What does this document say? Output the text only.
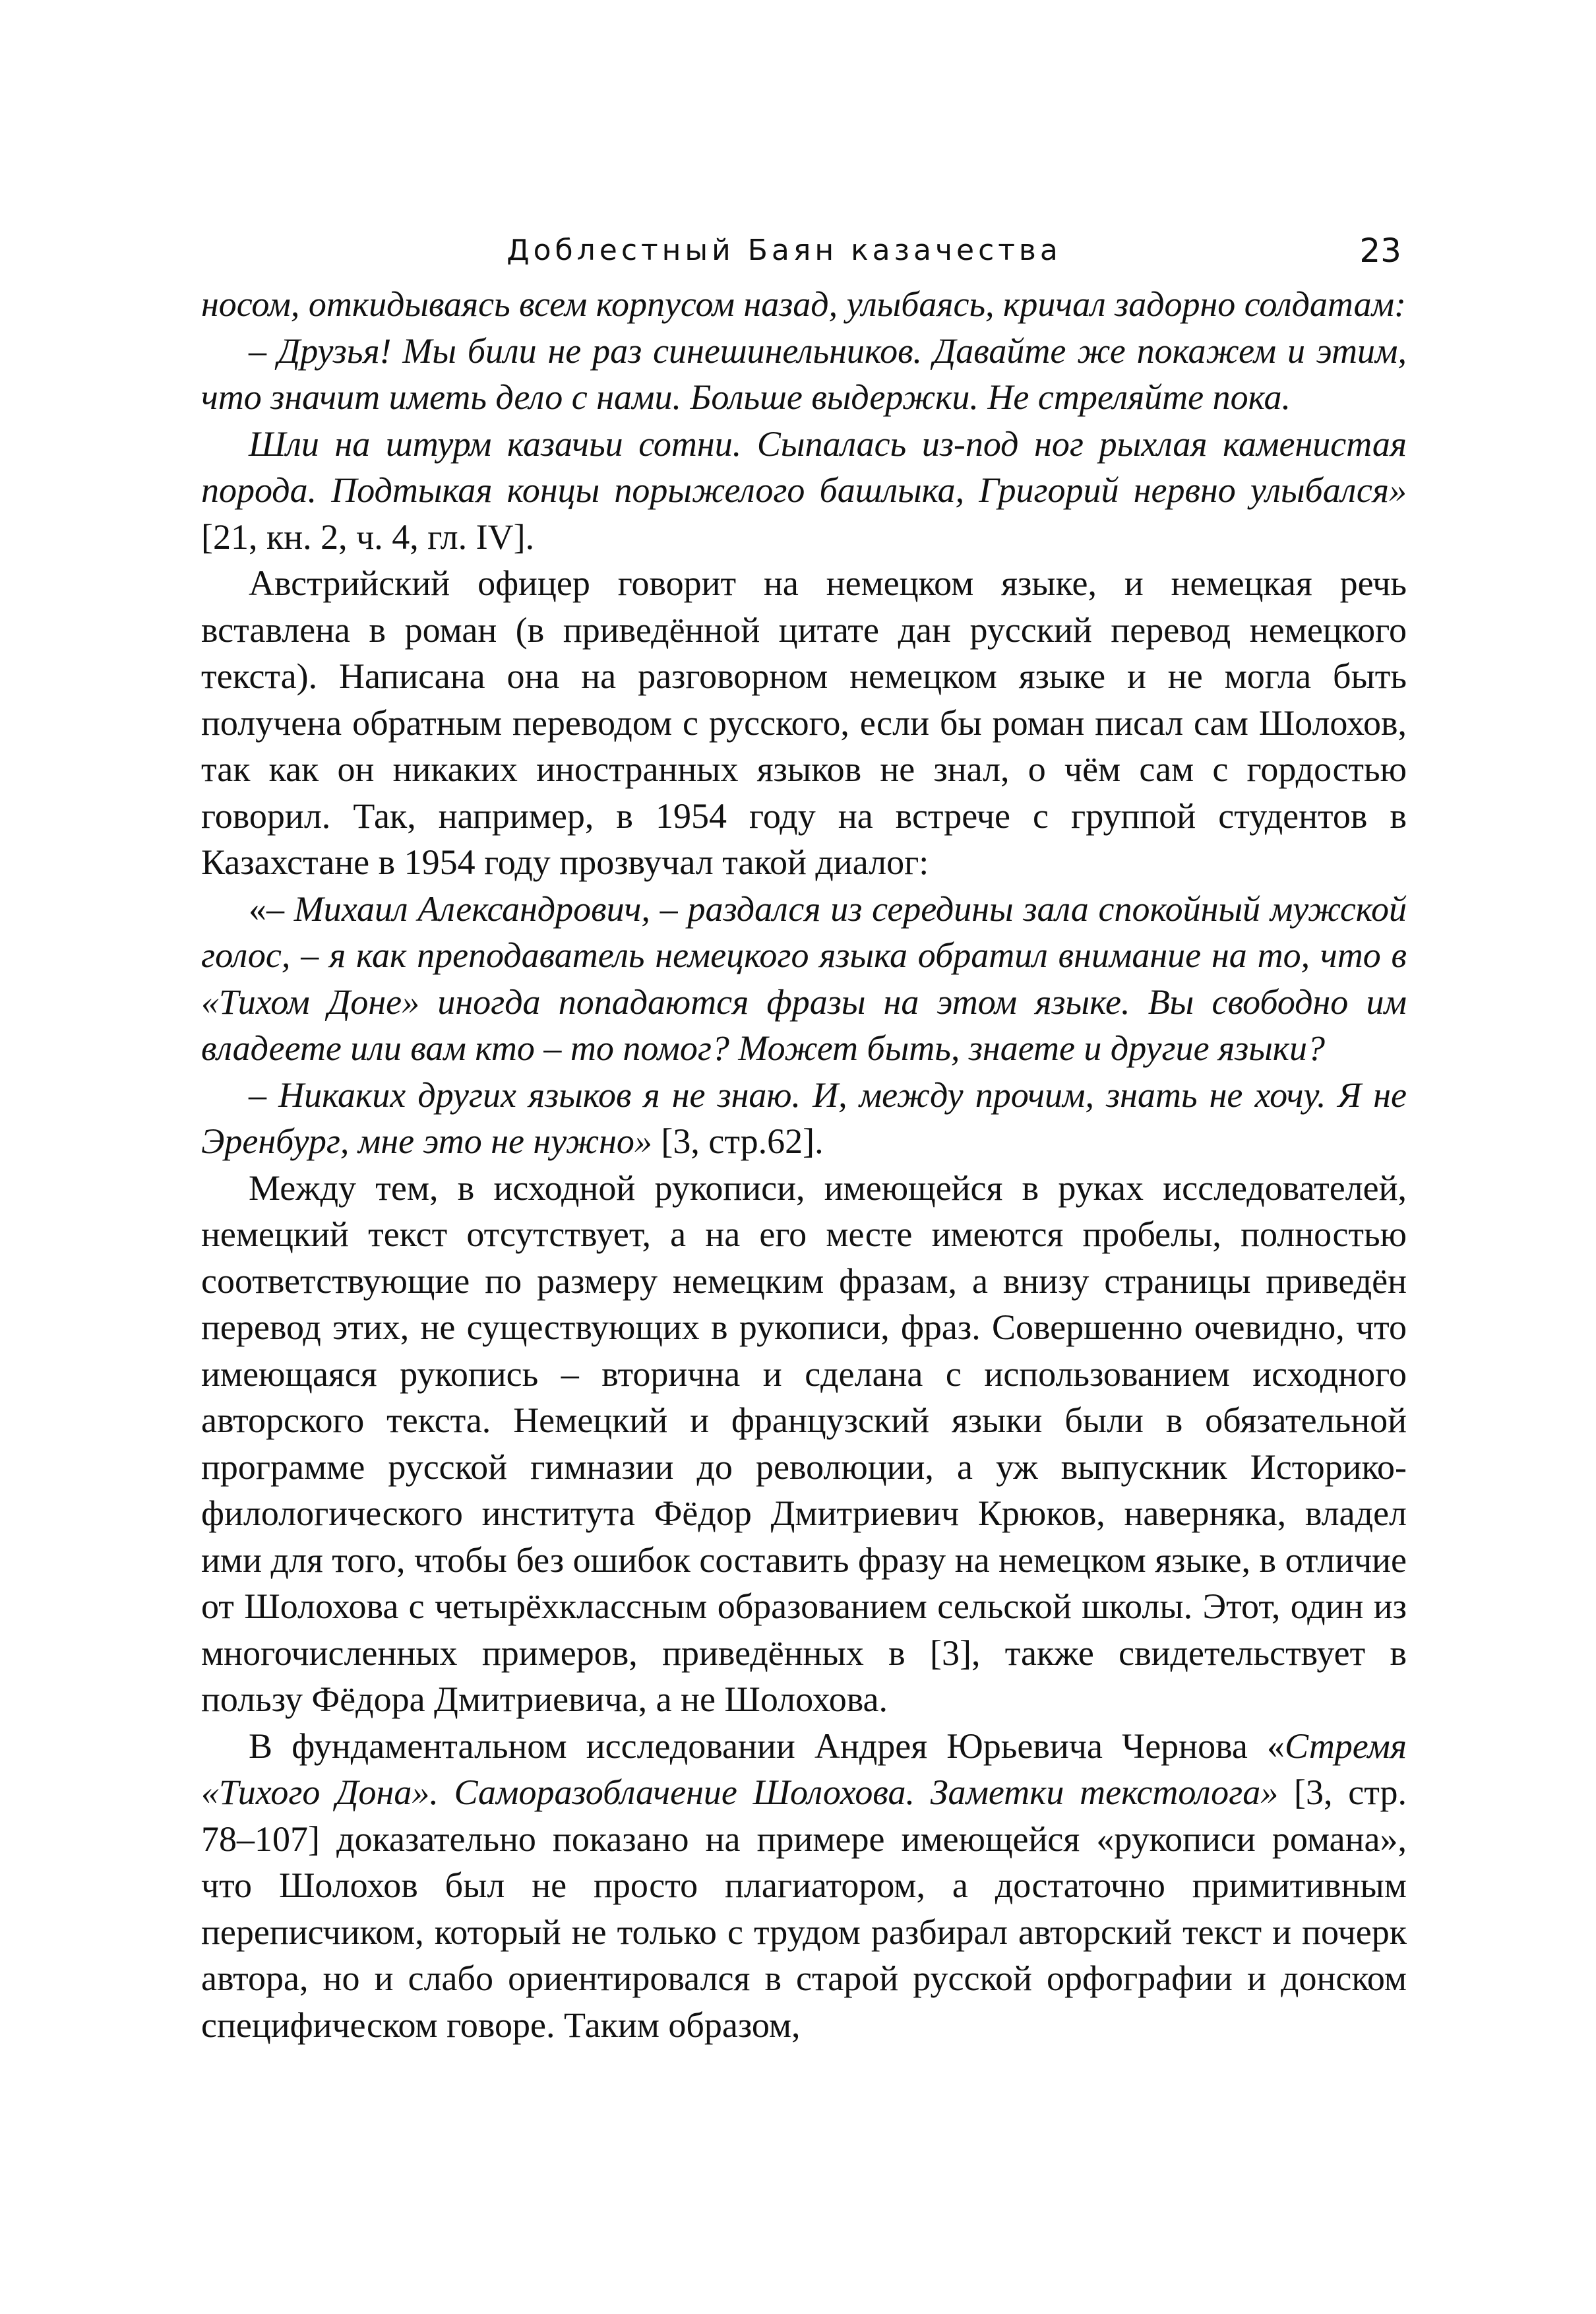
Доблестный Баян казачества	23

носом, откидываясь всем корпусом назад, улыбаясь, кричал задорно солдатам:

– Друзья! Мы били не раз синешинельников. Давайте же покажем и этим, что значит иметь дело с нами. Больше выдержки. Не стреляйте пока.

Шли на штурм казачьи сотни. Сыпалась из-под ног рыхлая каменистая порода. Подтыкая концы порыжелого башлыка, Григорий нервно улыбался» [21, кн. 2, ч. 4, гл. IV].

Австрийский офицер говорит на немецком языке, и немецкая речь вставлена в роман (в приведённой цитате дан русский перевод немецкого текста). Написана она на разговорном немецком языке и не могла быть получена обратным переводом с русского, если бы роман писал сам Шолохов, так как он никаких иностранных языков не знал, о чём сам с гордостью говорил. Так, например, в 1954 году на встрече с группой студентов в Казахстане в 1954 году прозвучал такой диалог:

«– Михаил Александрович, – раздался из середины зала спокойный мужской голос, – я как преподаватель немецкого языка обратил внимание на то, что в «Тихом Доне» иногда попадаются фразы на этом языке. Вы свободно им владеете или вам кто – то помог? Может быть, знаете и другие языки?

– Никаких других языков я не знаю. И, между прочим, знать не хочу. Я не Эренбург, мне это не нужно» [3, стр.62].

Между тем, в исходной рукописи, имеющейся в руках исследователей, немецкий текст отсутствует, а на его месте имеются пробелы, полностью соответствующие по размеру немецким фразам, а внизу страницы приведён перевод этих, не существующих в рукописи, фраз. Совершенно очевидно, что имеющаяся рукопись – вторична и сделана с использованием исходного авторского текста. Немецкий и французский языки были в обязательной программе русской гимназии до революции, а уж выпускник Историко-филологического института Фёдор Дмитриевич Крюков, наверняка, владел ими для того, чтобы без ошибок составить фразу на немецком языке, в отличие от Шолохова с четырёхклассным образованием сельской школы. Этот, один из многочисленных примеров, приведённых в [3], также свидетельствует в пользу Фёдора Дмитриевича, а не Шолохова.

В фундаментальном исследовании Андрея Юрьевича Чернова «Стремя «Тихого Дона». Саморазоблачение Шолохова. Заметки текстолога» [3, стр. 78–107] доказательно показано на примере имеющейся «рукописи романа», что Шолохов был не просто плагиатором, а достаточно примитивным переписчиком, который не только с трудом разбирал авторский текст и почерк автора, но и слабо ориентировался в старой русской орфографии и донском специфическом говоре. Таким образом,
